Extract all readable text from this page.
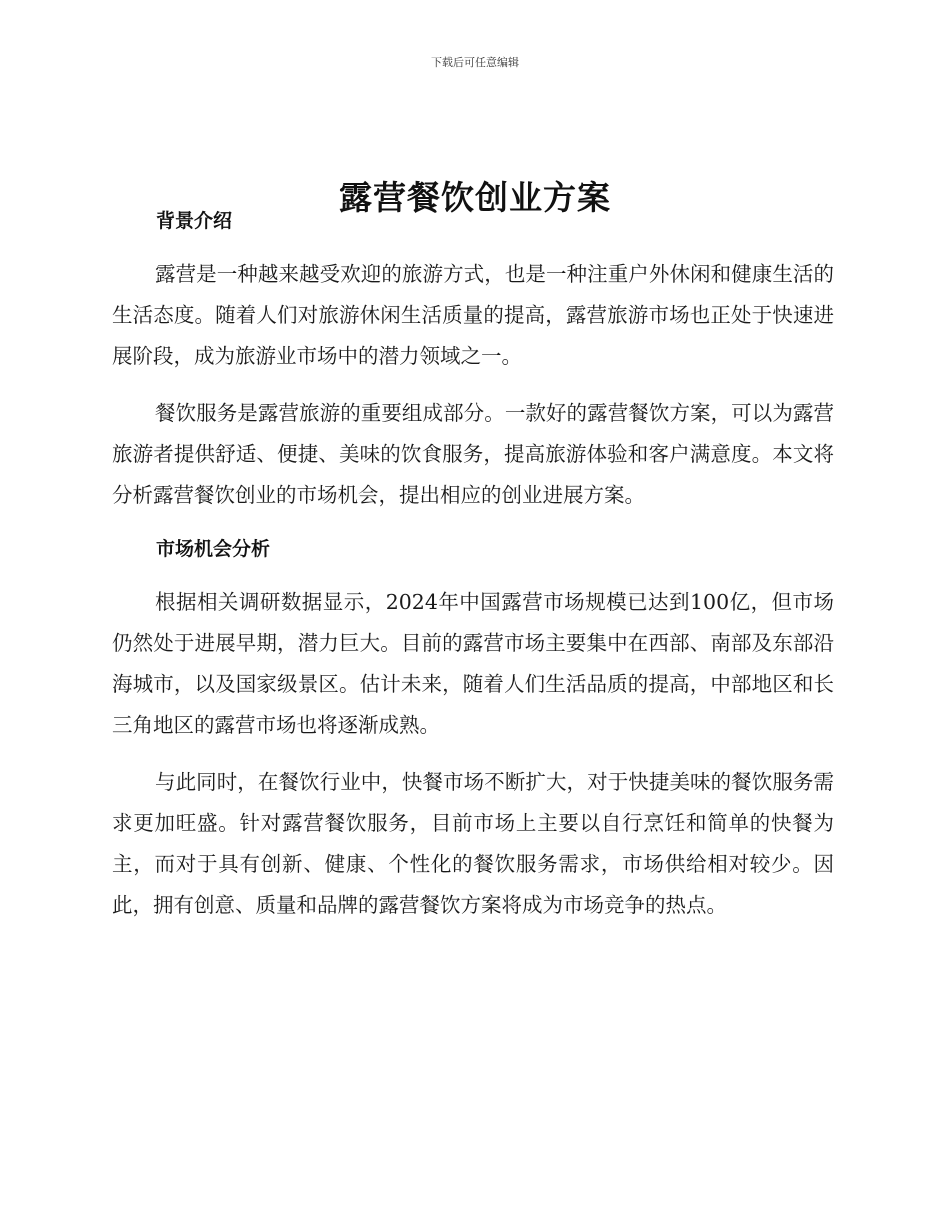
下载后可任意编辑
露营餐饮创业方案
背景介绍

露营是一种越来越受欢迎的旅游方式，也是一种注重户外休闲和健康生活的生活态度。随着人们对旅游休闲生活质量的提高，露营旅游市场也正处于快速进展阶段，成为旅游业市场中的潜力领域之一。

餐饮服务是露营旅游的重要组成部分。一款好的露营餐饮方案，可以为露营旅游者提供舒适、便捷、美味的饮食服务，提高旅游体验和客户满意度。本文将分析露营餐饮创业的市场机会，提出相应的创业进展方案。

市场机会分析

根据相关调研数据显示，2024年中国露营市场规模已达到100亿，但市场仍然处于进展早期，潜力巨大。目前的露营市场主要集中在西部、南部及东部沿海城市，以及国家级景区。估计未来，随着人们生活品质的提高，中部地区和长三角地区的露营市场也将逐渐成熟。

与此同时，在餐饮行业中，快餐市场不断扩大，对于快捷美味的餐饮服务需求更加旺盛。针对露营餐饮服务，目前市场上主要以自行烹饪和简单的快餐为主，而对于具有创新、健康、个性化的餐饮服务需求，市场供给相对较少。因此，拥有创意、质量和品牌的露营餐饮方案将成为市场竞争的热点。
